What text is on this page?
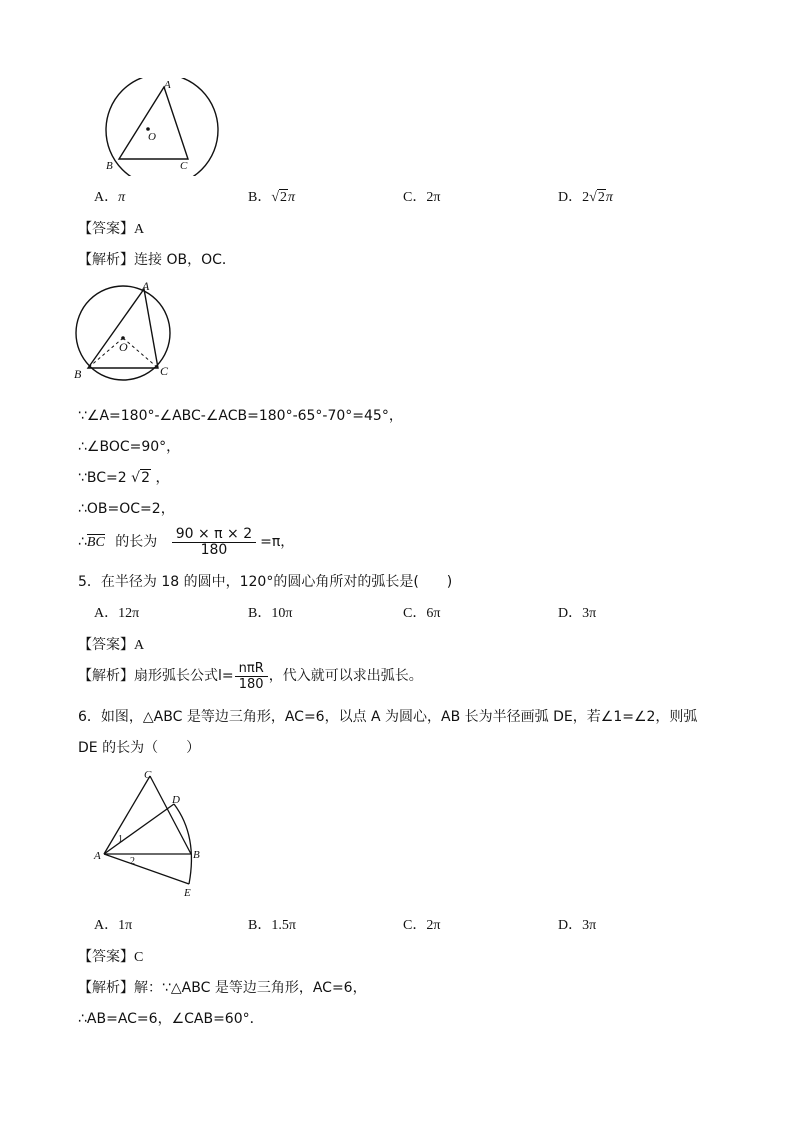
A
B	C
O
A．π	B．√2π	C．2π	D．2√2π
【答案】A
【解析】连接 OB，OC．
A
B	C
O
∵∠A=180°-∠ABC-∠ACB=180°-65°-70°=45°，
∴∠BOC=90°，
∵BC=2 √2 ，
∴OB=OC=2，
∴BC 的长为 $\frac{90 \times \pi \times 2}{180} =\pi$，
5．在半径为 18 的圆中，120°的圆心角所对的弧长是(　　)
A．12π	B．10π	C．6π	D．3π
【答案】A
【解析】扇形弧长公式$l= \frac{\text{nπR}}{180}$ ，代入就可以求出弧长。
6．如图，△ABC 是等边三角形，AC=6，以点 A 为圆心，AB 长为半径画弧 DE，若∠1=∠2，则弧
DE 的长为（　　）
C
D
A	B
E
1
2
A．1π	B．1.5π	C．2π	D．3π
【答案】C
【解析】解：∵△ABC 是等边三角形，AC=6，
∴AB=AC=6，∠CAB=60°．
